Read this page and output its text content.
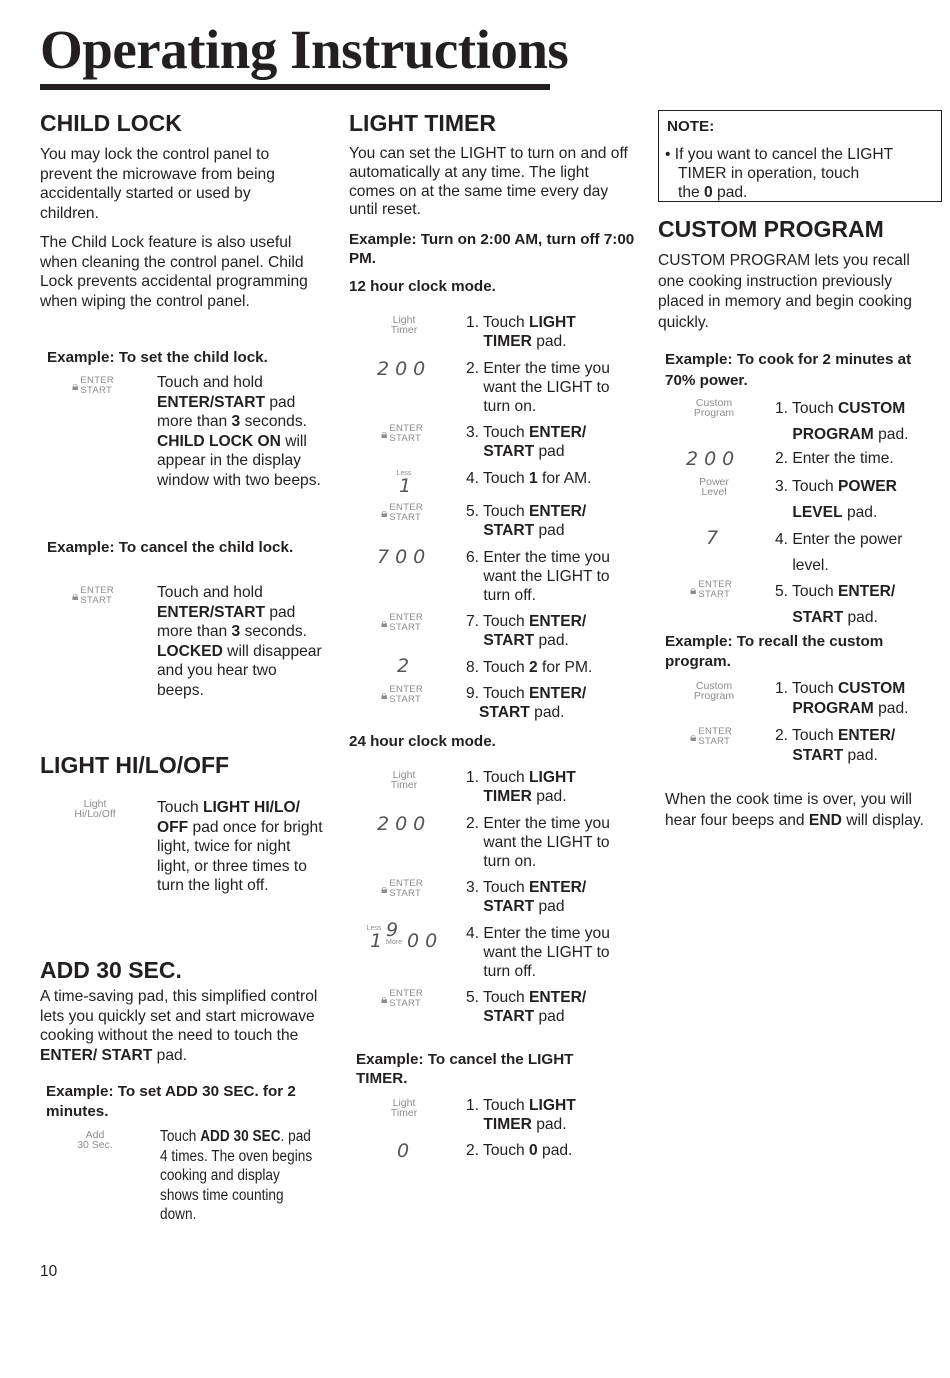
Operating Instructions
CHILD LOCK

You may lock the control panel to prevent the microwave from being accidentally started or used by children.

The Child Lock feature is also useful when cleaning the control panel. Child Lock prevents accidental programming when wiping the control panel.

Example: To set the child lock.

🔒︎ ENTER
START	Touch and hold ENTER/START pad more than 3 seconds. CHILD LOCK ON will appear in the display window with two beeps.

Example: To cancel the child lock.

🔒︎ ENTER
START	Touch and hold ENTER/START pad more than 3 seconds. LOCKED will disappear and you hear two beeps.

LIGHT HI/LO/OFF
Light
Hi/Lo/Off	Touch LIGHT HI/LO/ OFF pad once for bright light, twice for night light, or three times to turn the light off.

ADD 30 SEC.

A time-saving pad, this simplified control lets you quickly set and start microwave cooking without the need to touch the ENTER/ START pad.

Example: To set ADD 30 SEC. for 2 minutes.

Add
30 Sec.	Touch ADD 30 SEC. pad 4 times. The oven begins cooking and display shows time counting down.
10
LIGHT TIMER

You can set the LIGHT to turn on and off automatically at any time. The light comes on at the same time every day until reset.

Example: Turn on 2:00 AM, turn off 7:00 PM.

12 hour clock mode.

Light
Timer	1. Touch LIGHT
TIMER pad.

200 2. Enter the time you
want the LIGHT to
turn on.

🔒︎ ENTER
START	3. Touch ENTER/
START pad

Less
1	4. Touch 1 for AM.

🔒︎ ENTER
START	5. Touch ENTER/
START pad

700 6. Enter the time you
want the LIGHT to
turn off.

🔒︎ ENTER
START	7. Touch ENTER/
START pad.

2	8. Touch 2 for PM.

🔒︎ ENTER
START	9. Touch ENTER/
START pad.

24 hour clock mode.

Light
Timer	1. Touch LIGHT
TIMER pad.

200 2. Enter the time you
want the LIGHT to
turn on.

🔒︎ ENTER
START	3. Touch ENTER/
START pad

Less
1
9
More 00 4. Enter the time you
want the LIGHT to
turn off.

🔒︎ ENTER
START	5. Touch ENTER/
START pad

Example: To cancel the LIGHT TIMER.

Light
Timer	1. Touch LIGHT
TIMER pad.

0	2. Touch 0 pad.

NOTE:

• If you want to cancel the LIGHT
TIMER in operation, touch
the 0 pad.

CUSTOM PROGRAM

CUSTOM PROGRAM lets you recall one cooking instruction previously placed in memory and begin cooking quickly.

Example: To cook for 2 minutes at 70% power.

Custom
Program	1. Touch CUSTOM
PROGRAM pad.

200 2. Enter the time.

Power
Level	3. Touch POWER
LEVEL pad.

7	4. Enter the power
level.

🔒︎ ENTER
START	5. Touch ENTER/
START pad.

Example: To recall the custom program.

Custom
Program	1. Touch CUSTOM
PROGRAM pad.

🔒︎ ENTER
START	2. Touch ENTER/
START pad.

When the cook time is over, you will hear four beeps and END will display.
